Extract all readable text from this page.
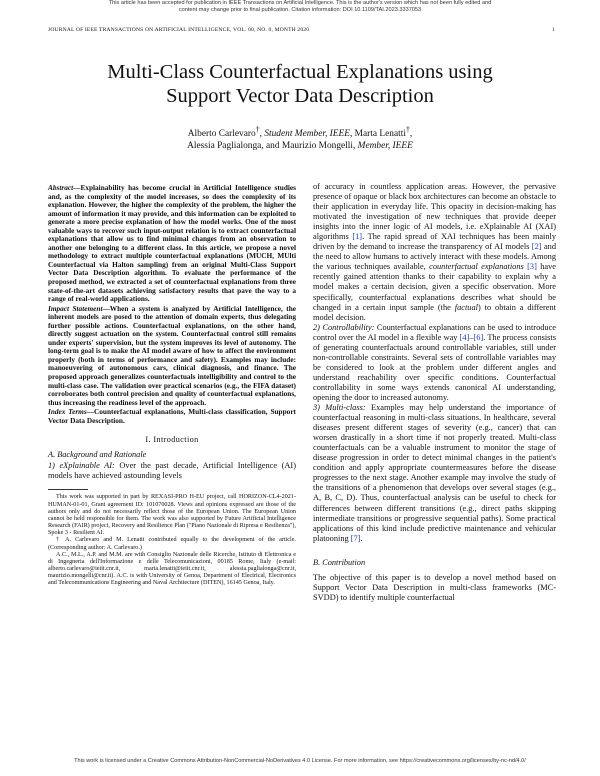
This article has been accepted for publication in IEEE Transactions on Artificial Intelligence. This is the author's version which has not been fully edited and
content may change prior to final publication. Citation information: DOI 10.1109/TAI.2023.3337053
JOURNAL OF IEEE TRANSACTIONS ON ARTIFICIAL INTELLIGENCE, VOL. 00, NO. 0, MONTH 2020	1
Multi-Class Counterfactual Explanations using
Support Vector Data Description
Alberto Carlevaro†, Student Member, IEEE, Marta Lenatti†,
Alessia Paglialonga, and Maurizio Mongelli, Member, IEEE

Abstract—Explainability has become crucial in Artificial Intelligence studies and, as the complexity of the model increases, so does the complexity of its explanation. However, the higher the complexity of the problem, the higher the amount of information it may provide, and this information can be exploited to generate a more precise explanation of how the model works. One of the most valuable ways to recover such input-output relation is to extract counterfactual explanations that allow us to find minimal changes from an observation to another one belonging to a different class. In this article, we propose a novel methodology to extract multiple counterfactual explanations (MUCH, MUlti Counterfactual via Halton sampling) from an original Multi-Class Support Vector Data Description algorithm. To evaluate the performance of the proposed method, we extracted a set of counterfactual explanations from three state-of-the-art datasets achieving satisfactory results that pave the way to a range of real-world applications.

Impact Statement—When a system is analyzed by Artificial Intelligence, the inherent models are posed to the attention of domain experts, thus delegating further possible actions. Counterfactual explanations, on the other hand, directly suggest actuation on the system. Counterfactual control still remains under experts' supervision, but the system improves its level of autonomy. The long-term goal is to make the AI model aware of how to affect the environment properly (both in terms of performance and safety). Examples may include: manoeuvering of autonomous cars, clinical diagnosis, and finance. The proposed approach generalizes counterfactuals intelligibility and control to the multi-class case. The validation over practical scenarios (e.g., the FIFA dataset) corroborates both control precision and quality of counterfactual explanations, thus increasing the readiness level of the approach.

Index Terms—Counterfactual explanations, Multi-class classification, Support Vector Data Description.

I. Introduction
A. Background and Rationale

1) eXplainable AI: Over the past decade, Artificial Intelligence (AI) models have achieved astounding levels

This work was supported in part by REXASI-PRO H-EU project, call HORIZON-CL4-2021-HUMAN-01-01, Grant agreement ID: 101070028. Views and opinions expressed are those of the authors only and do not necessarily reflect those of the European Union. The European Union cannot be held responsible for them. The work was also supported by Future Artificial Intelligence Research (FAIR) project, Recovery and Resilience Plan ("Piano Nazionale di Ripresa e Resilienza"), Spoke 3 - Resilient AI.

† A. Carlevaro and M. Lenatti contributed equally to the development of the article. (Corresponding author: A. Carlevaro.)

A.C., M.L., A.P. and M.M. are with Consiglio Nazionale delle Ricerche, Istituto di Elettronica e di Ingegneria dell'Informazione e delle Telecomunicazioni, 00185 Rome, Italy (e-mail: alberto.carlevaro@ieiit.cnr.it, marta.lenatti@ieiit.cnr.it, alessia.paglialonga@cnr.it, maurizio.mongelli@cnr.it). A.C. is with University of Genoa, Department of Electrical, Electronics and Telecommunications Engineering and Naval Architecture (DITEN), 16145 Genoa, Italy.

of accuracy in countless application areas. However, the pervasive presence of opaque or black box architectures can become an obstacle to their application in everyday life. This opacity in decision-making has motivated the investigation of new techniques that provide deeper insights into the inner logic of AI models, i.e. eXplainable AI (XAI) algorithms [1]. The rapid spread of XAI techniques has been mainly driven by the demand to increase the transparency of AI models [2] and the need to allow humans to actively interact with these models. Among the various techniques available, counterfactual explanations [3] have recently gained attention thanks to their capability to explain why a model makes a certain decision, given a specific observation. More specifically, counterfactual explanations describes what should be changed in a certain input sample (the factual) to obtain a different model decision.

2) Controllability: Counterfactual explanations can be used to introduce control over the AI model in a flexible way [4]–[6]. The process consists of generating counterfactuals around controllable variables, still under non-controllable constraints. Several sets of controllable variables may be considered to look at the problem under different angles and understand reachability over specific conditions. Counterfactual controllability in some ways extends canonical AI understanding, opening the door to increased autonomy.

3) Multi-class: Examples may help understand the importance of counterfactual reasoning in multi-class situations. In healthcare, several diseases present different stages of severity (e.g., cancer) that can worsen drastically in a short time if not properly treated. Multi-class counterfactuals can be a valuable instrument to monitor the stage of disease progression in order to detect minimal changes in the patient's condition and apply appropriate countermeasures before the disease progresses to the next stage. Another example may involve the study of the transitions of a phenomenon that develops over several stages (e.g., A, B, C, D). Thus, counterfactual analysis can be useful to check for differences between different transitions (e.g., direct paths skipping intermediate transitions or progressive sequential paths). Some practical applications of this kind include predictive maintenance and vehicular platooning [7].

B. Contribution

The objective of this paper is to develop a novel method based on Support Vector Data Description in multi-class frameworks (MC-SVDD) to identify multiple counterfactual

This work is licensed under a Creative Commons Attribution-NonCommercial-NoDerivatives 4.0 License. For more information, see https://creativecommons.org/licenses/by-nc-nd/4.0/
